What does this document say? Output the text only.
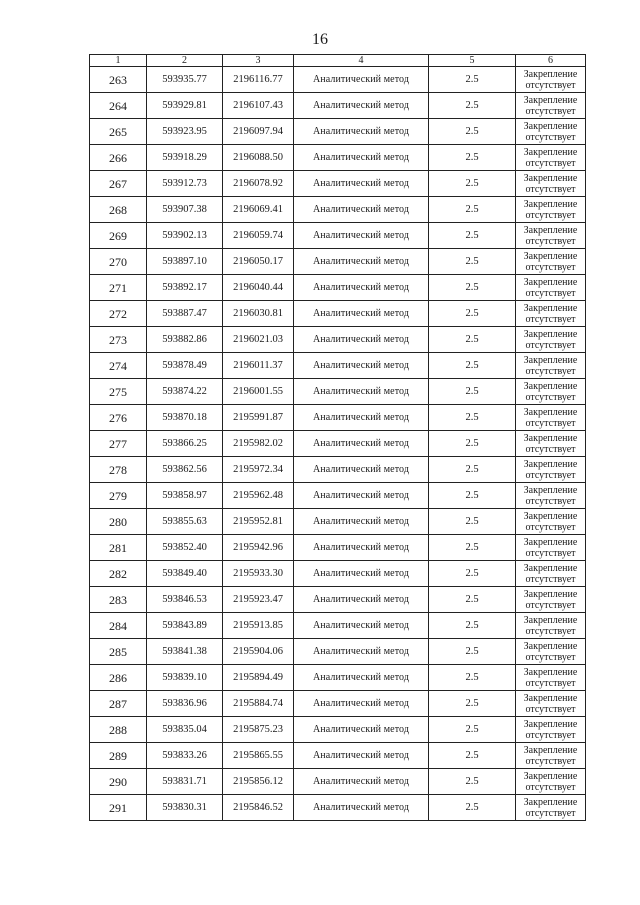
16
1	2	3	4	5	6
263	593935.77	2196116.77	Аналитический метод	2.5	Закрепление
отсутствует

264	593929.81	2196107.43	Аналитический метод	2.5	Закрепление
отсутствует

265	593923.95	2196097.94	Аналитический метод	2.5	Закрепление
отсутствует

266	593918.29	2196088.50	Аналитический метод	2.5	Закрепление
отсутствует

267	593912.73	2196078.92	Аналитический метод	2.5	Закрепление
отсутствует

268	593907.38	2196069.41	Аналитический метод	2.5	Закрепление
отсутствует

269	593902.13	2196059.74	Аналитический метод	2.5	Закрепление
отсутствует

270	593897.10	2196050.17	Аналитический метод	2.5	Закрепление
отсутствует

271	593892.17	2196040.44	Аналитический метод	2.5	Закрепление
отсутствует

272	593887.47	2196030.81	Аналитический метод	2.5	Закрепление
отсутствует

273	593882.86	2196021.03	Аналитический метод	2.5	Закрепление
отсутствует

274	593878.49	2196011.37	Аналитический метод	2.5	Закрепление
отсутствует

275	593874.22	2196001.55	Аналитический метод	2.5	Закрепление
отсутствует

276	593870.18	2195991.87	Аналитический метод	2.5	Закрепление
отсутствует

277	593866.25	2195982.02	Аналитический метод	2.5	Закрепление
отсутствует

278	593862.56	2195972.34	Аналитический метод	2.5	Закрепление
отсутствует

279	593858.97	2195962.48	Аналитический метод	2.5	Закрепление
отсутствует

280	593855.63	2195952.81	Аналитический метод	2.5	Закрепление
отсутствует

281	593852.40	2195942.96	Аналитический метод	2.5	Закрепление
отсутствует

282	593849.40	2195933.30	Аналитический метод	2.5	Закрепление
отсутствует

283	593846.53	2195923.47	Аналитический метод	2.5	Закрепление
отсутствует

284	593843.89	2195913.85	Аналитический метод	2.5	Закрепление
отсутствует

285	593841.38	2195904.06	Аналитический метод	2.5	Закрепление
отсутствует

286	593839.10	2195894.49	Аналитический метод	2.5	Закрепление
отсутствует

287	593836.96	2195884.74	Аналитический метод	2.5	Закрепление
отсутствует

288	593835.04	2195875.23	Аналитический метод	2.5	Закрепление
отсутствует

289	593833.26	2195865.55	Аналитический метод	2.5	Закрепление
отсутствует

290	593831.71	2195856.12	Аналитический метод	2.5	Закрепление
отсутствует

291	593830.31	2195846.52	Аналитический метод	2.5	Закрепление
отсутствует
